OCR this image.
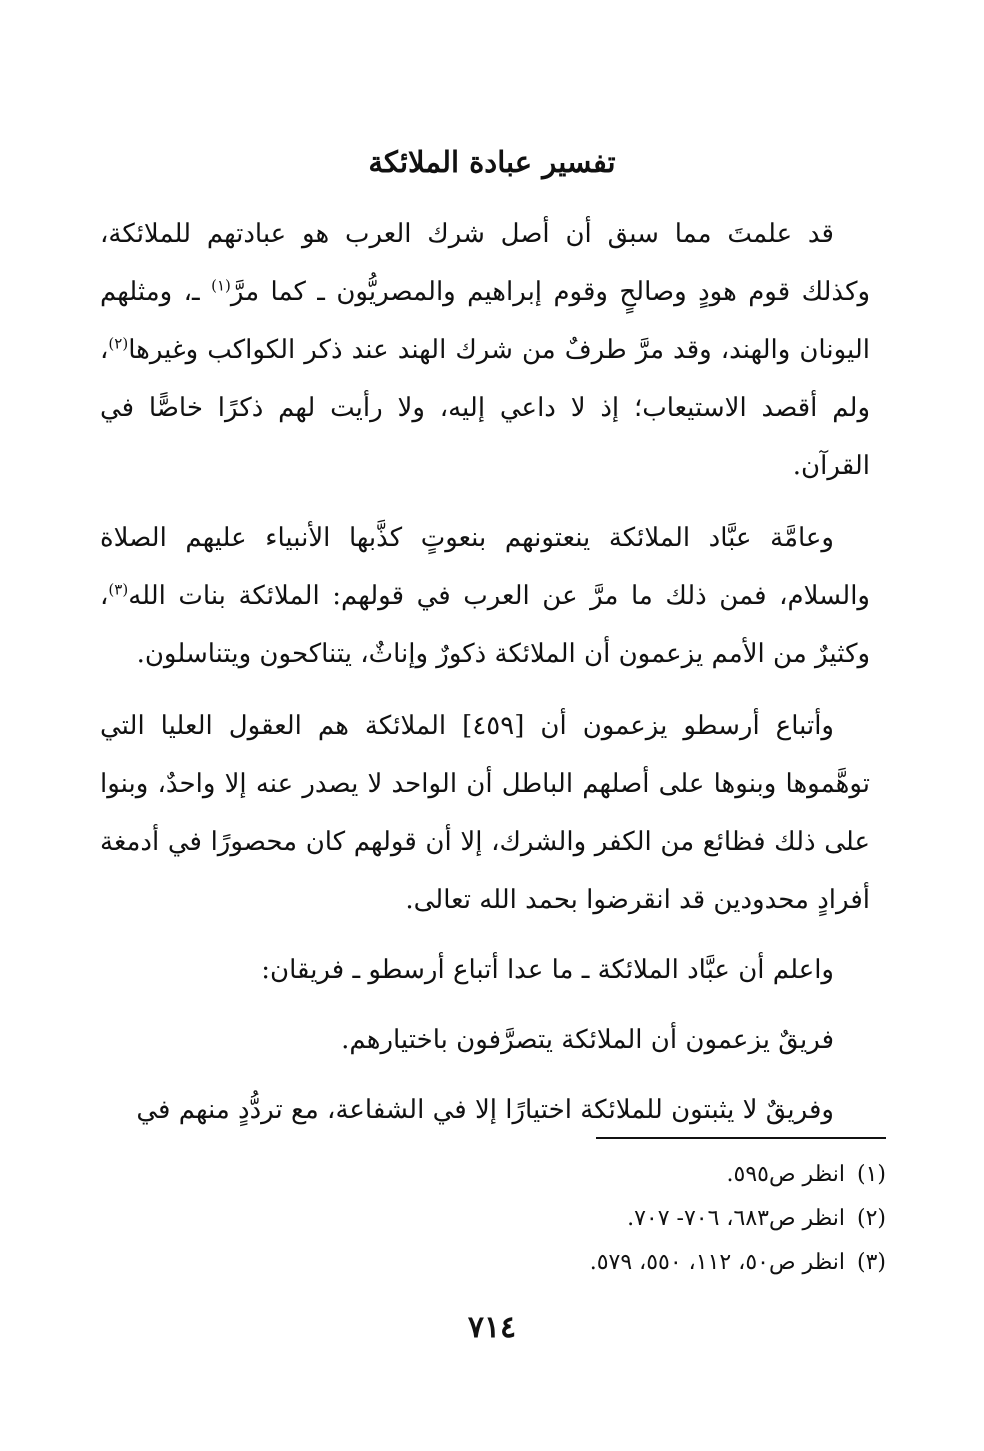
تفسير عبادة الملائكة

قد علمتَ مما سبق أن أصل شرك العرب هو عبادتهم للملائكة، وكذلك قوم هودٍ وصالحٍ وقوم إبراهيم والمصريُّون ـ كما مرَّ$^{(١)}$ ـ، ومثلهم اليونان والهند، وقد مرَّ طرفٌ من شرك الهند عند ذكر الكواكب وغيرها$^{(٢)}$، ولم أقصد الاستيعاب؛ إذ لا داعي إليه، ولا رأيت لهم ذكرًا خاصًّا في القرآن.

وعامَّة عبَّاد الملائكة ينعتونهم بنعوتٍ كذَّبها الأنبياء عليهم الصلاة والسلام، فمن ذلك ما مرَّ عن العرب في قولهم: الملائكة بنات الله$^{(٣)}$، وكثيرٌ من الأمم يزعمون أن الملائكة ذكورٌ وإناثٌ، يتناكحون ويتناسلون.

وأتباع أرسطو يزعمون أن [٤٥٩] الملائكة هم العقول العليا التي توهَّموها وبنوها على أصلهم الباطل أن الواحد لا يصدر عنه إلا واحدٌ، وبنوا على ذلك فظائع من الكفر والشرك، إلا أن قولهم كان محصورًا في أدمغة أفرادٍ محدودين قد انقرضوا بحمد الله تعالى.

واعلم أن عبَّاد الملائكة ـ ما عدا أتباع أرسطو ـ فريقان:

فريقٌ يزعمون أن الملائكة يتصرَّفون باختيارهم.

وفريقٌ لا يثبتون للملائكة اختيارًا إلا في الشفاعة، مع تردُّدٍ منهم في

(١)انظر ص٥٩٥.
(٢)انظر ص٦٨٣، ٧٠٦- ٧٠٧.
(٣)انظر ص٥٠، ١١٢، ٥٥٠، ٥٧٩.
٧١٤
